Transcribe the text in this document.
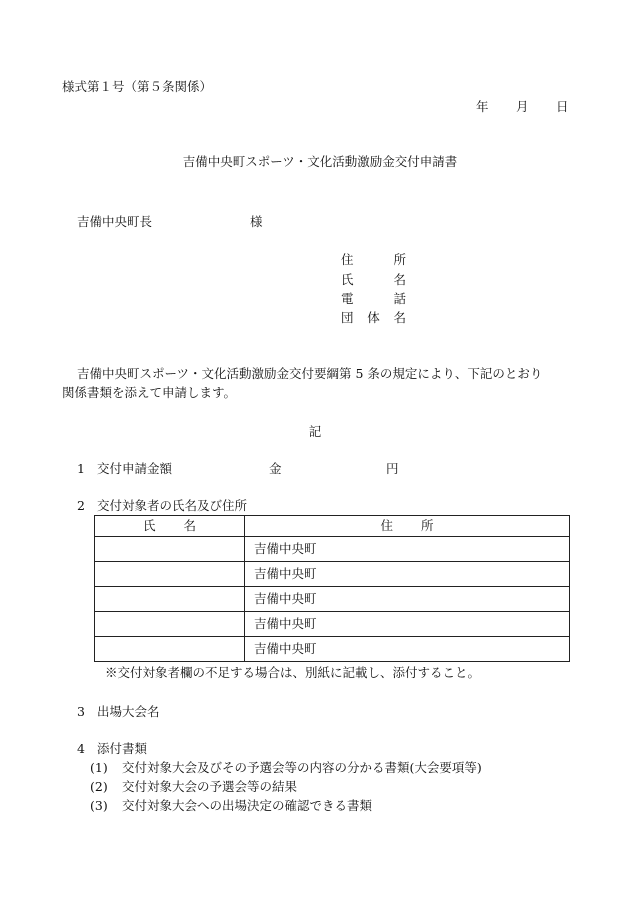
様式第１号（第５条関係）
年 月 日
吉備中央町スポーツ・文化活動激励金交付申請書
吉備中央町長	様
住	所
氏	名
電	話
団 体 名
吉備中央町スポーツ・文化活動激励金交付要綱第 5 条の規定により、下記のとおり
関係書類を添えて申請します。
記
1 交付申請金額	金	円
2 交付対象者の氏名及び住所
氏 名	住 所
	吉備中央町
	吉備中央町
	吉備中央町
	吉備中央町
	吉備中央町
※交付対象者欄の不足する場合は、別紙に記載し、添付すること。
3 出場大会名
4 添付書類
(1) 交付対象大会及びその予選会等の内容の分かる書類(大会要項等)
(2) 交付対象大会の予選会等の結果
(3) 交付対象大会への出場決定の確認できる書類
